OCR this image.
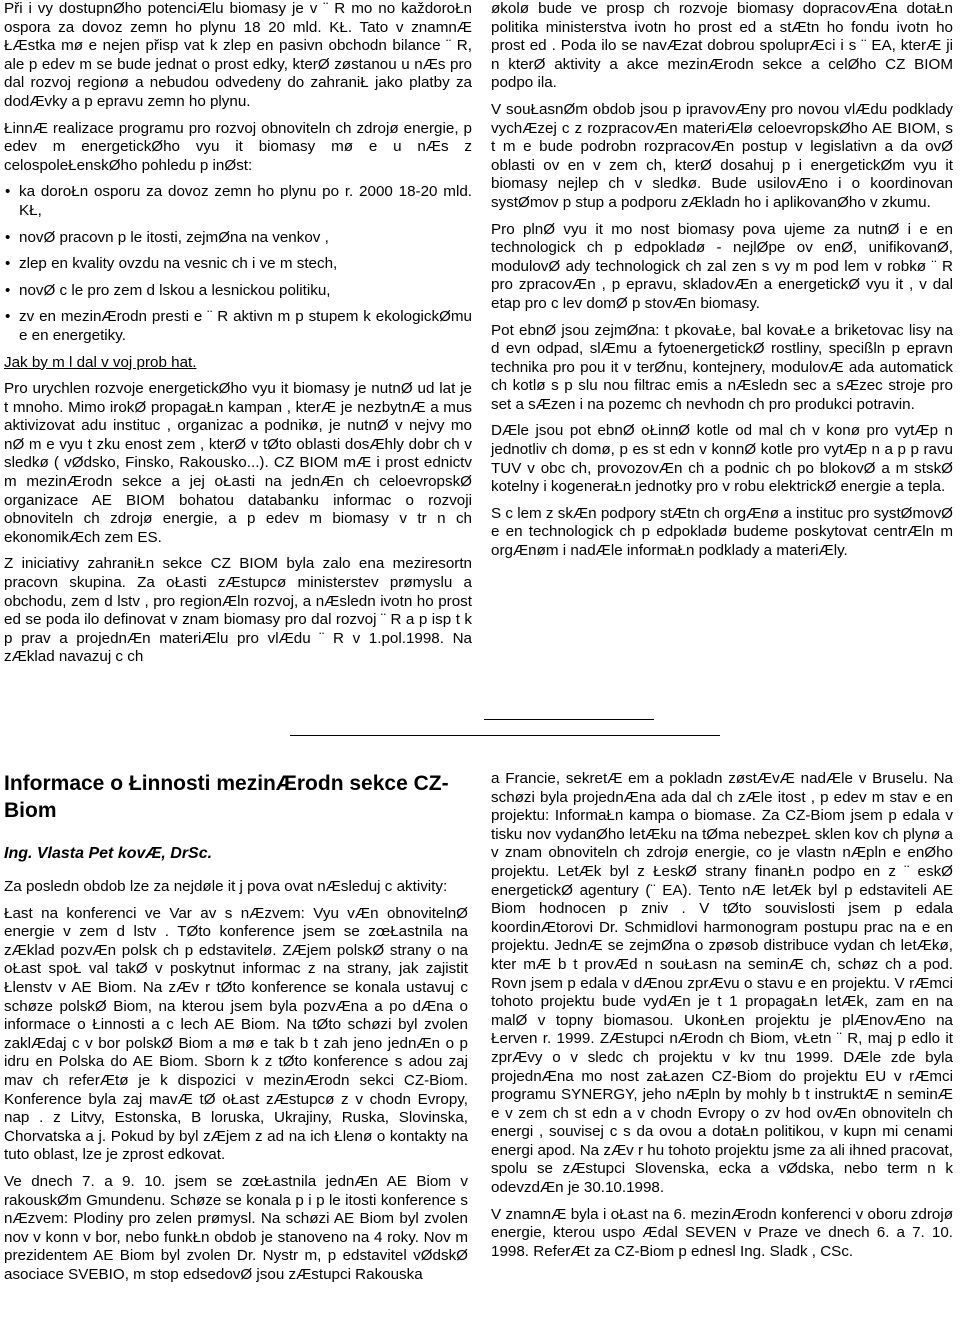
Při i vy dostupnØho potenciÆlu biomasy je v ¨ R mo no každoroŁn ospora za dovoz zemn ho plynu 18 20 mld. KŁ. Tato v znamnÆ ŁÆstka mø e nejen přisp vat k zlep en pasivn obchodn bilance ¨ R, ale p edev m se bude jednat o prost edky, kterØ zøstanou u nÆs pro dal rozvoj regionø a nebudou odvedeny do zahraniŁ jako platby za dodÆvky a p epravu zemn ho plynu.

ŁinnÆ realizace programu pro rozvoj obnoviteln ch zdrojø energie, p edev m energetickØho vyu it biomasy mø e u nÆs z celospoleŁenskØho pohledu p inØst:

• ka doroŁn osporu za dovoz zemn ho plynu po r. 2000 18-20 mld. KŁ,
• novØ pracovn p le itosti, zejmØna na venkov ,
• zlep en kvality ovzdu na vesnic ch i ve m stech,
• novØ c le pro zem d lskou a lesnickou politiku,
• zv en mezinÆrodn presti e ¨ R aktivn m p stupem k ekologickØmu e en energetiky.

Jak by m l dal v voj prob hat.

Pro urychlen rozvoje energetickØho vyu it biomasy je nutnØ ud lat je t mnoho. Mimo irokØ propagaŁn kampan , kterÆ je nezbytnÆ a mus aktivizovat adu instituc , organizac a podnikø, je nutnØ v nejvy mo nØ m e vyu t zku enost zem , kterØ v tØto oblasti dosÆhly dobr ch v sledkø ( vØdsko, Finsko, Rakousko...). CZ BIOM mÆ i prost ednictv m mezinÆrodn sekce a jej oŁasti na jednÆn ch celoevropskØ organizace AE BIOM bohatou databanku informac o rozvoji obnoviteln ch zdrojø energie, a p edev m biomasy v tr n ch ekonomikÆch zem ES.

Z iniciativy zahraniŁn sekce CZ BIOM byla zalo ena meziresortn pracovn skupina. Za oŁasti zÆstupcø ministerstev prømyslu a obchodu, zem d lstv , pro regionÆln rozvoj, a nÆsledn ivotn ho prost ed se poda ilo definovat v znam biomasy pro dal rozvoj ¨ R a p isp t k p prav a projednÆn materiÆlu pro vlÆdu ¨ R v 1.pol.1998. Na zÆklad navazuj c ch

økolø bude ve prosp ch rozvoje biomasy dopracovÆna dotaŁn politika ministerstva ivotn ho prost ed a stÆtn ho fondu ivotn ho prost ed . Poda ilo se navÆzat dobrou spoluprÆci i s ¨ EA, kterÆ ji n kterØ aktivity a akce mezinÆrodn sekce a celØho CZ BIOM podpo ila.

V souŁasnØm obdob jsou p ipravovÆny pro novou vlÆdu podklady vychÆzej c z rozpracovÆn materiÆlø celoevropskØho AE BIOM, s t m e bude podrobn rozpracovÆn postup v legislativn a da ovØ oblasti ov en v zem ch, kterØ dosahuj p i energetickØm vyu it biomasy nejlep ch v sledkø. Bude usilovÆno i o koordinovan systØmov p stup a podporu zÆkladn ho i aplikovanØho v zkumu.

Pro plnØ vyu it mo nost biomasy pova ujeme za nutnØ i e en technologick ch p edpokladø - nejlØpe ov enØ, unifikovanØ, modulovØ ady technologick ch zal zen s vy m pod lem v robkø ¨ R pro zpracovÆn , p epravu, skladovÆn a energetickØ vyu it , v dal etap pro c lev domØ p stovÆn biomasy.

Pot ebnØ jsou zejmØna: t pkovaŁe, bal kovaŁe a briketovac lisy na d evn odpad, slÆmu a fytoenergetickØ rostliny, specißln p epravn technika pro pou it v terØnu, kontejnery, modulovÆ ada automatick ch kotlø s p slu nou filtrac emis a nÆsledn sec a sÆzec stroje pro set a sÆzen i na pozemc ch nevhodn ch pro produkci potravin.

DÆle jsou pot ebnØ oŁinnØ kotle od mal ch v konø pro vytÆp n jednotliv ch domø, p es st edn v konnØ kotle pro vytÆp n a p p ravu TUV v obc ch, provozovÆn ch a podnic ch po blokovØ a m stskØ kotelny i kogeneraŁn jednotky pro v robu elektrickØ energie a tepla.

S c lem z skÆn podpory stÆtn ch orgÆnø a instituc pro systØmovØ e en technologick ch p edpokladø budeme poskytovat centrÆln m orgÆnøm i nadÆle informaŁn podklady a materiÆly.

Informace o Łinnosti mezinÆrodn sekce CZ-Biom
Ing. Vlasta Pet kovÆ, DrSc.

Za posledn obdob lze za nejdøle it j pova ovat nÆsleduj c aktivity:

Łast na konferenci ve Var av s nÆzvem: Vyu vÆn obnovitelnØ energie v zem d lstv . TØto konference jsem se zœŁastnila na zÆklad pozvÆn polsk ch p edstavitelø. ZÆjem polskØ strany o na oŁast spoŁ val takØ v poskytnut informac z na strany, jak zajistit Łlenstv v AE Biom. Na zÆv r tØto konference se konala ustavuj c schøze polskØ Biom, na kterou jsem byla pozvÆna a po dÆna o informace o Łinnosti a c lech AE Biom. Na tØto schøzi byl zvolen zaklÆdaj c v bor polskØ Biom a mø e tak b t zah jeno jednÆn o p idru en Polska do AE Biom. Sborn k z tØto konference s adou zaj mav ch referÆtø je k dispozici v mezinÆrodn sekci CZ-Biom. Konference byla zaj mavÆ tØ oŁast zÆstupcø z v chodn Evropy, nap . z Litvy, Estonska, B loruska, Ukrajiny, Ruska, Slovinska, Chorvatska a j. Pokud by byl zÆjem z ad na ich Łlenø o kontakty na tuto oblast, lze je zprost edkovat.

Ve dnech 7. a 9. 10. jsem se zœŁastnila jednÆn AE Biom v rakouskØm Gmundenu. Schøze se konala p i p le itosti konference s nÆzvem: Plodiny pro zelen prømysl. Na schøzi AE Biom byl zvolen nov v konn v bor, nebo funkŁn obdob je stanoveno na 4 roky. Nov m prezidentem AE Biom byl zvolen Dr. Nystr m, p edstavitel vØdskØ asociace SVEBIO, m stop edsedovØ jsou zÆstupci Rakouska

a Francie, sekretÆ em a pokladn zøstÆvÆ nadÆle v Bruselu. Na schøzi byla projednÆna ada dal ch zÆle itost , p edev m stav e en projektu: InformaŁn kampa o biomase. Za CZ-Biom jsem p edala v tisku nov vydanØho letÆku na tØma nebezpeŁ sklen kov ch plynø a v znam obnoviteln ch zdrojø energie, co je vlastn nÆpln e enØho projektu. LetÆk byl z ŁeskØ strany finanŁn podpo en z ¨ eskØ energetickØ agentury (¨ EA). Tento nÆ letÆk byl p edstaviteli AE Biom hodnocen p zniv . V tØto souvislosti jsem p edala koordinÆtorovi Dr. Schmidlovi harmonogram postupu prac na e en projektu. JednÆ se zejmØna o zpøsob distribuce vydan ch letÆkø, kter mÆ b t provÆd n souŁasn na seminÆ ch, schøz ch a pod. Rovn jsem p edala v dÆnou zprÆvu o stavu e en projektu. V rÆmci tohoto projektu bude vydÆn je t 1 propagaŁn letÆk, zam en na malØ v topny biomasou. UkonŁen projektu je plÆnovÆno na Łerven r. 1999. ZÆstupci nÆrodn ch Biom, vŁetn ¨ R, maj p edlo it zprÆvy o v sledc ch projektu v kv tnu 1999. DÆle zde byla projednÆna mo nost zaŁazen CZ-Biom do projektu EU v rÆmci programu SYNERGY, jeho nÆpln by mohly b t instruktÆ n seminÆ e v zem ch st edn a v chodn Evropy o zv hod ovÆn obnoviteln ch energi , souvisej c s da ovou a dotaŁn politikou, v kupn mi cenami energi apod. Na zÆv r hu tohoto projektu jsme za ali ihned pracovat, spolu se zÆstupci Slovenska, ecka a vØdska, nebo term n k odevzdÆn je 30.10.1998.

V znamnÆ byla i oŁast na 6. mezinÆrodn konferenci v oboru zdrojø energie, kterou uspo Ædal SEVEN v Praze ve dnech 6. a 7. 10. 1998. ReferÆt za CZ-Biom p ednesl Ing. Sladk , CSc.
